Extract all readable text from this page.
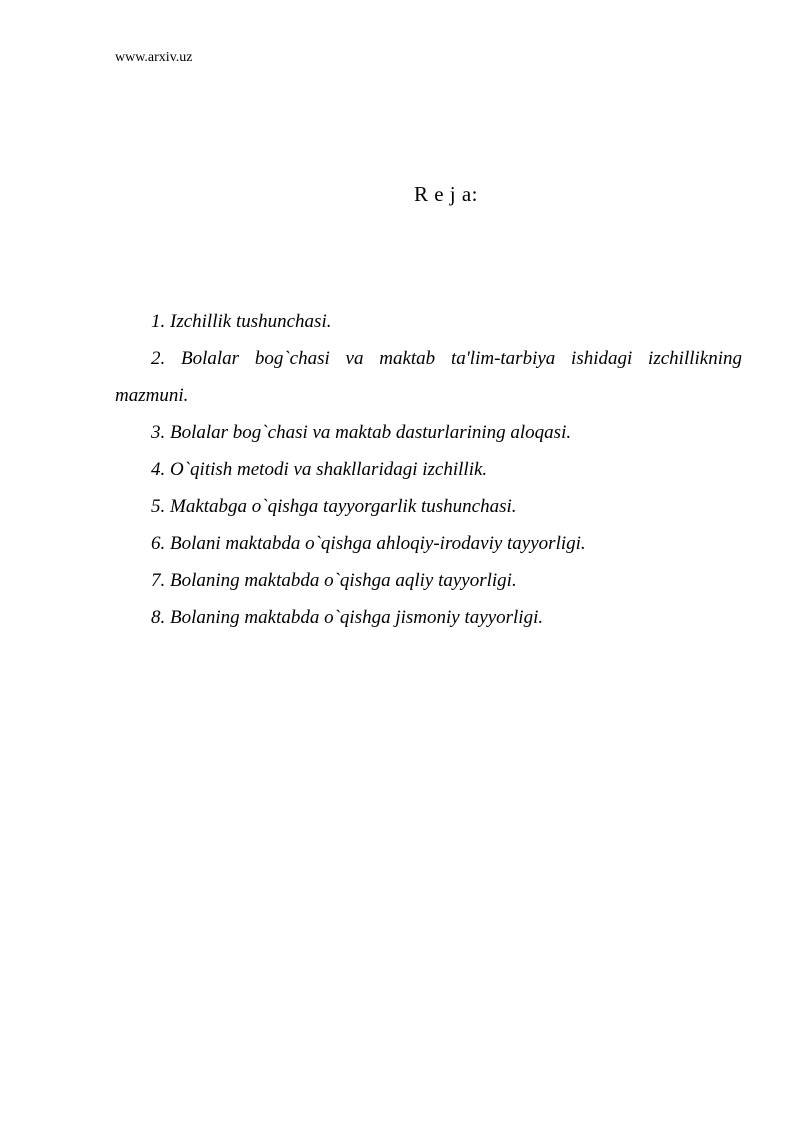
www.arxiv.uz
R e j a:
1. Izchillik tushunchasi.
2. Bolalar bog`chasi va maktab ta'lim-tarbiya ishidagi izchillikning mazmuni.
3. Bolalar bog`chasi va maktab dasturlarining aloqasi.
4. O`qitish metodi va shakllaridagi izchillik.
5. Maktabga o`qishga tayyorgarlik tushunchasi.
6. Bolani maktabda o`qishga ahloqiy-irodaviy tayyorligi.
7. Bolaning maktabda o`qishga aqliy tayyorligi.
8. Bolaning maktabda o`qishga jismoniy tayyorligi.
